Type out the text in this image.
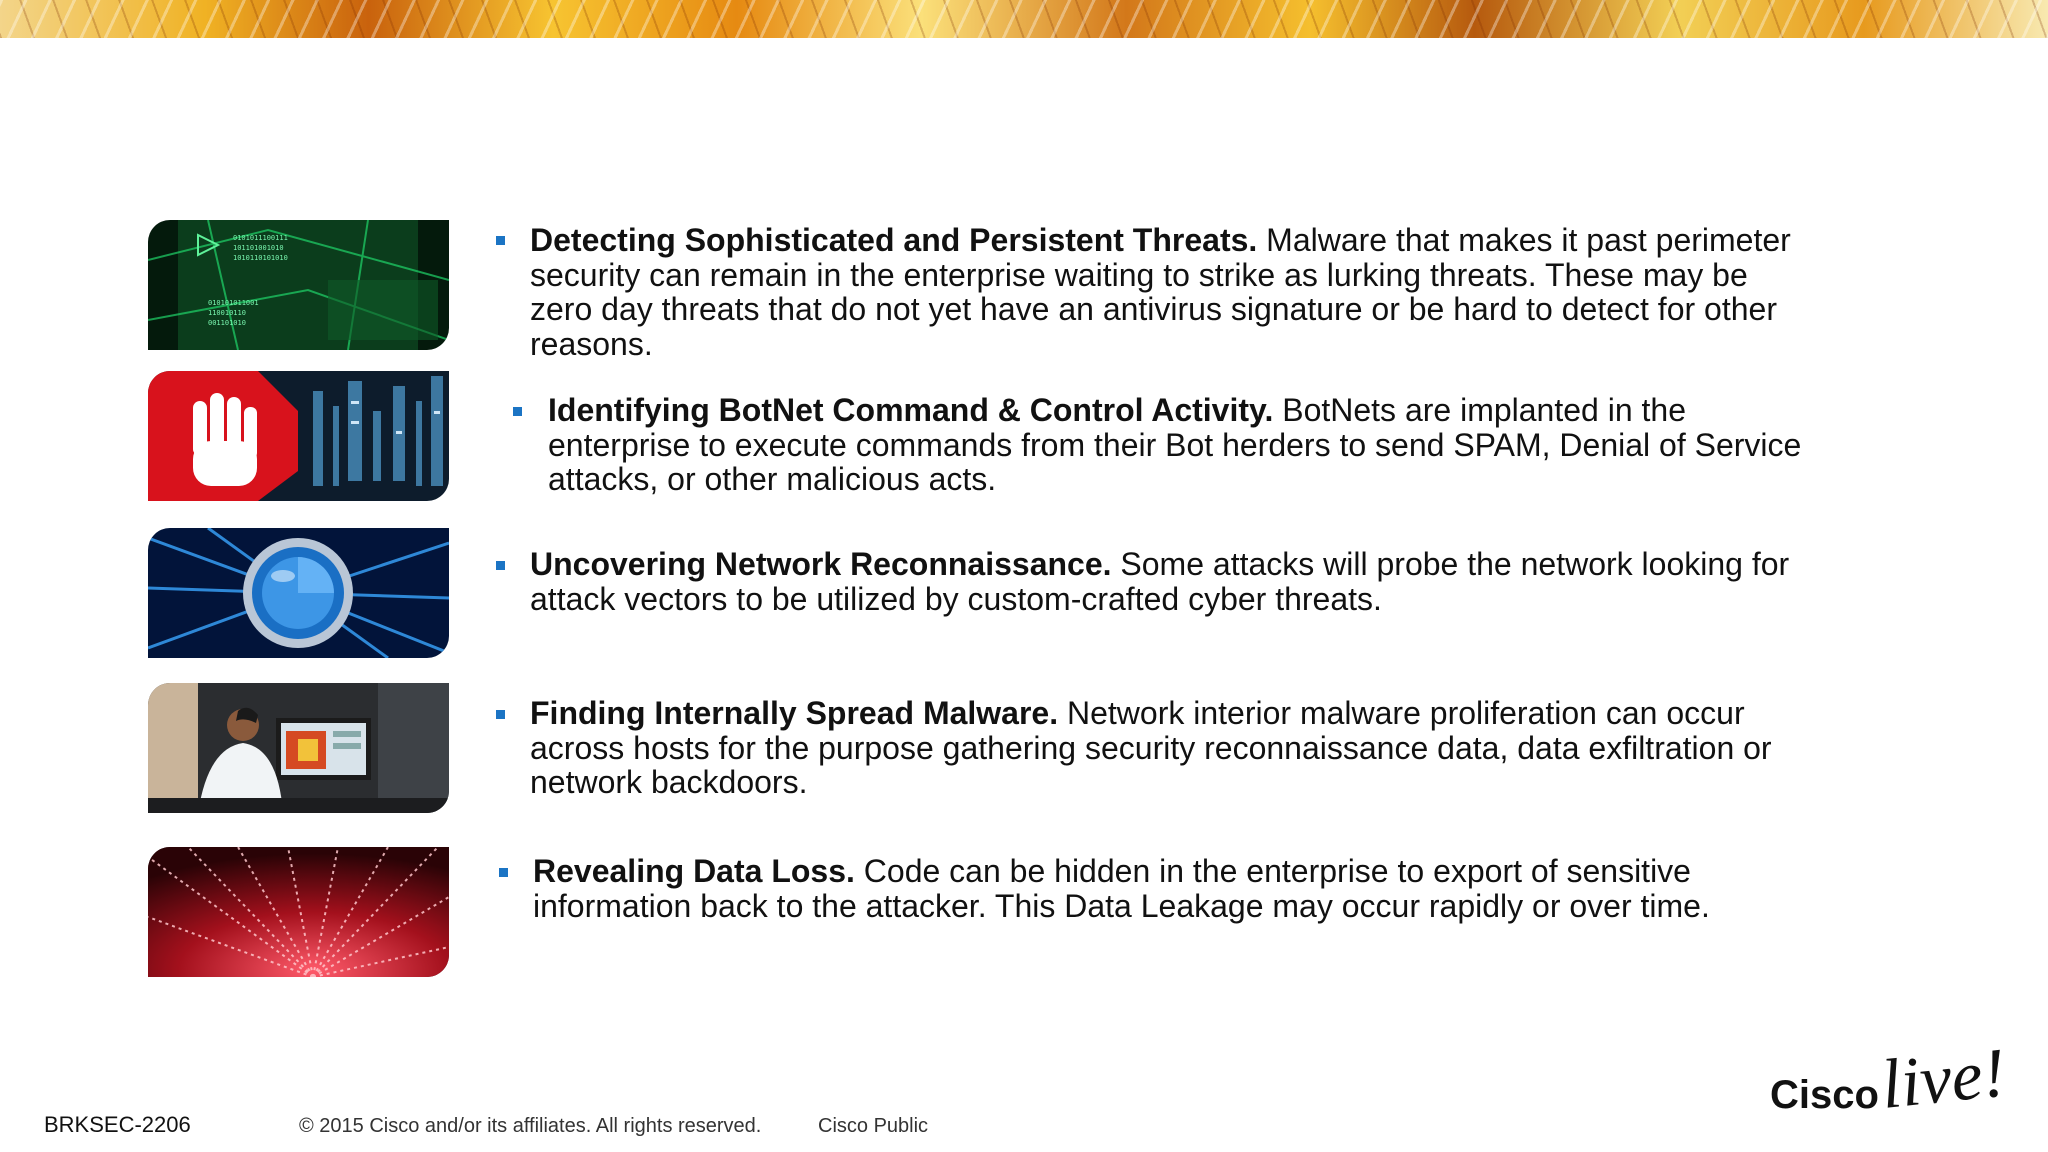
0101011100111
101101001010
1010110101010
010101011001
110010110
001101010
Detecting Sophisticated and Persistent Threats. Malware that makes it past perimeter
security can remain in the enterprise waiting to strike as lurking threats. These may be
zero day threats that do not yet have an antivirus signature or be hard to detect for other
reasons.
Identifying BotNet Command & Control Activity. BotNets are implanted in the
enterprise to execute commands from their Bot herders to send SPAM, Denial of Service
attacks, or other malicious acts.
Uncovering Network Reconnaissance. Some attacks will probe the network looking for
attack vectors to be utilized by custom-crafted cyber threats.
Finding Internally Spread Malware. Network interior malware proliferation can occur
across hosts for the purpose gathering security reconnaissance data, data exfiltration or
network backdoors.
Revealing Data Loss. Code can be hidden in the enterprise to export of sensitive
information back to the attacker. This Data Leakage may occur rapidly or over time.
BRKSEC-2206	© 2015 Cisco and/or its affiliates. All rights reserved.	Cisco Public
Cisco
live!
